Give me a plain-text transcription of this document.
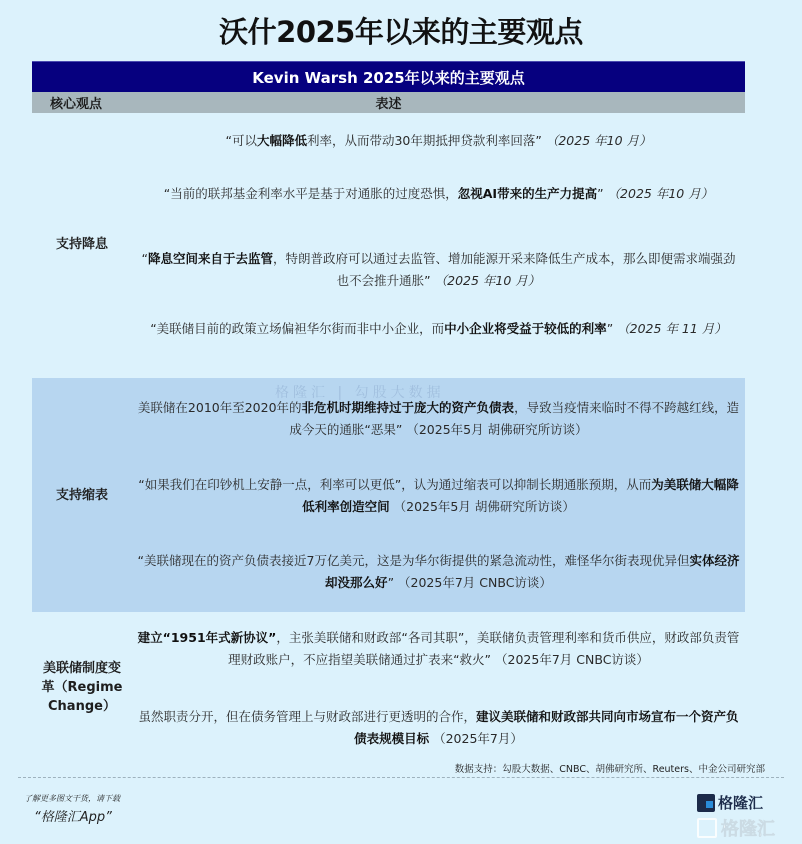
沃什2025年以来的主要观点
Kevin Warsh 2025年以来的主要观点
核心观点	表述
支持降息
“可以大幅降低利率，从而带动30年期抵押贷款利率回落” （2025 年10 月）
“当前的联邦基金利率水平是基于对通胀的过度恐惧，忽视AI带来的生产力提高” （2025 年10 月）
“降息空间来自于去监管，特朗普政府可以通过去监管、增加能源开采来降低生产成本，那么即便需求端强劲也不会推升通胀” （2025 年10 月）
“美联储目前的政策立场偏袒华尔街而非中小企业，而中小企业将受益于较低的利率” （2025 年 11 月）
支持缩表
美联储在2010年至2020年的非危机时期维持过于庞大的资产负债表，导致当疫情来临时不得不跨越红线，造成今天的通胀“恶果” （2025年5月 胡佛研究所访谈）
“如果我们在印钞机上安静一点，利率可以更低”，认为通过缩表可以抑制长期通胀预期，从而为美联储大幅降低利率创造空间 （2025年5月 胡佛研究所访谈）
“美联储现在的资产负债表接近7万亿美元，这是为华尔街提供的紧急流动性，难怪华尔街表现优异但实体经济却没那么好” （2025年7月 CNBC访谈）
格隆汇 | 勾股大数据
美联储制度变革（Regime Change）
建立“1951年式新协议”，主张美联储和财政部“各司其职”，美联储负责管理利率和货币供应，财政部负责管理财政账户，不应指望美联储通过扩表来“救火” （2025年7月 CNBC访谈）
虽然职责分开，但在债务管理上与财政部进行更透明的合作，建议美联储和财政部共同向市场宣布一个资产负债表规模目标 （2025年7月）
数据支持：勾股大数据、CNBC、胡佛研究所、Reuters、中金公司研究部
了解更多图文干货，请下载
“格隆汇App”
格隆汇
格隆汇
